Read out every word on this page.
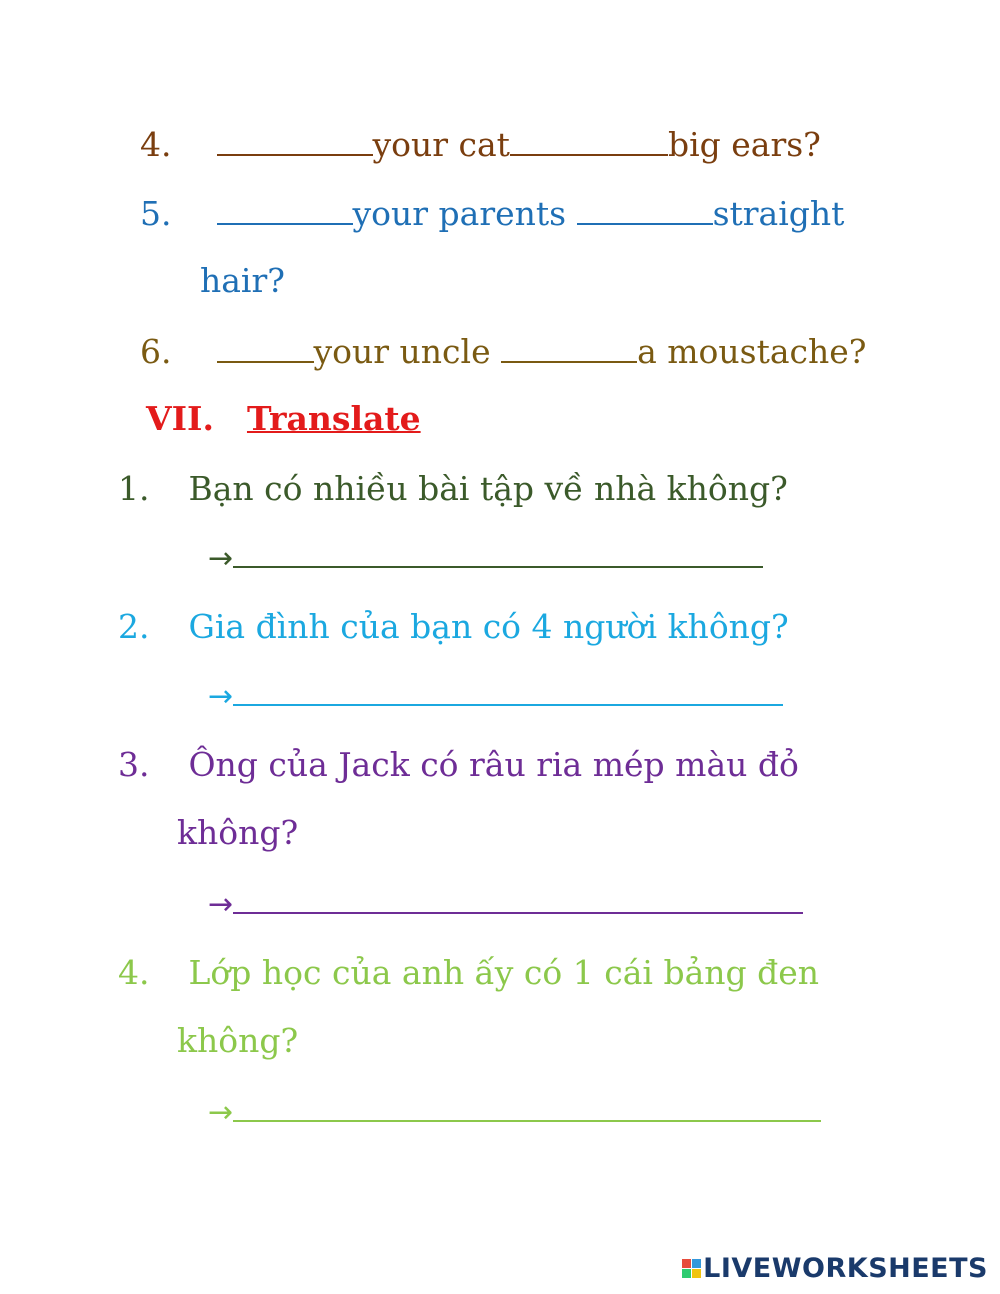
4.	your cat	big ears?
5.	your parents	straight
hair?
6.	your uncle	a moustache?
VII. Translate
1. Bạn có nhiều bài tập về nhà không?
→
2. Gia đình của bạn có 4 người không?
→
3. Ông của Jack có râu ria mép màu đỏ
không?
→
4. Lớp học của anh ấy có 1 cái bảng đen
không?
→
LIVEWORKSHEETS
